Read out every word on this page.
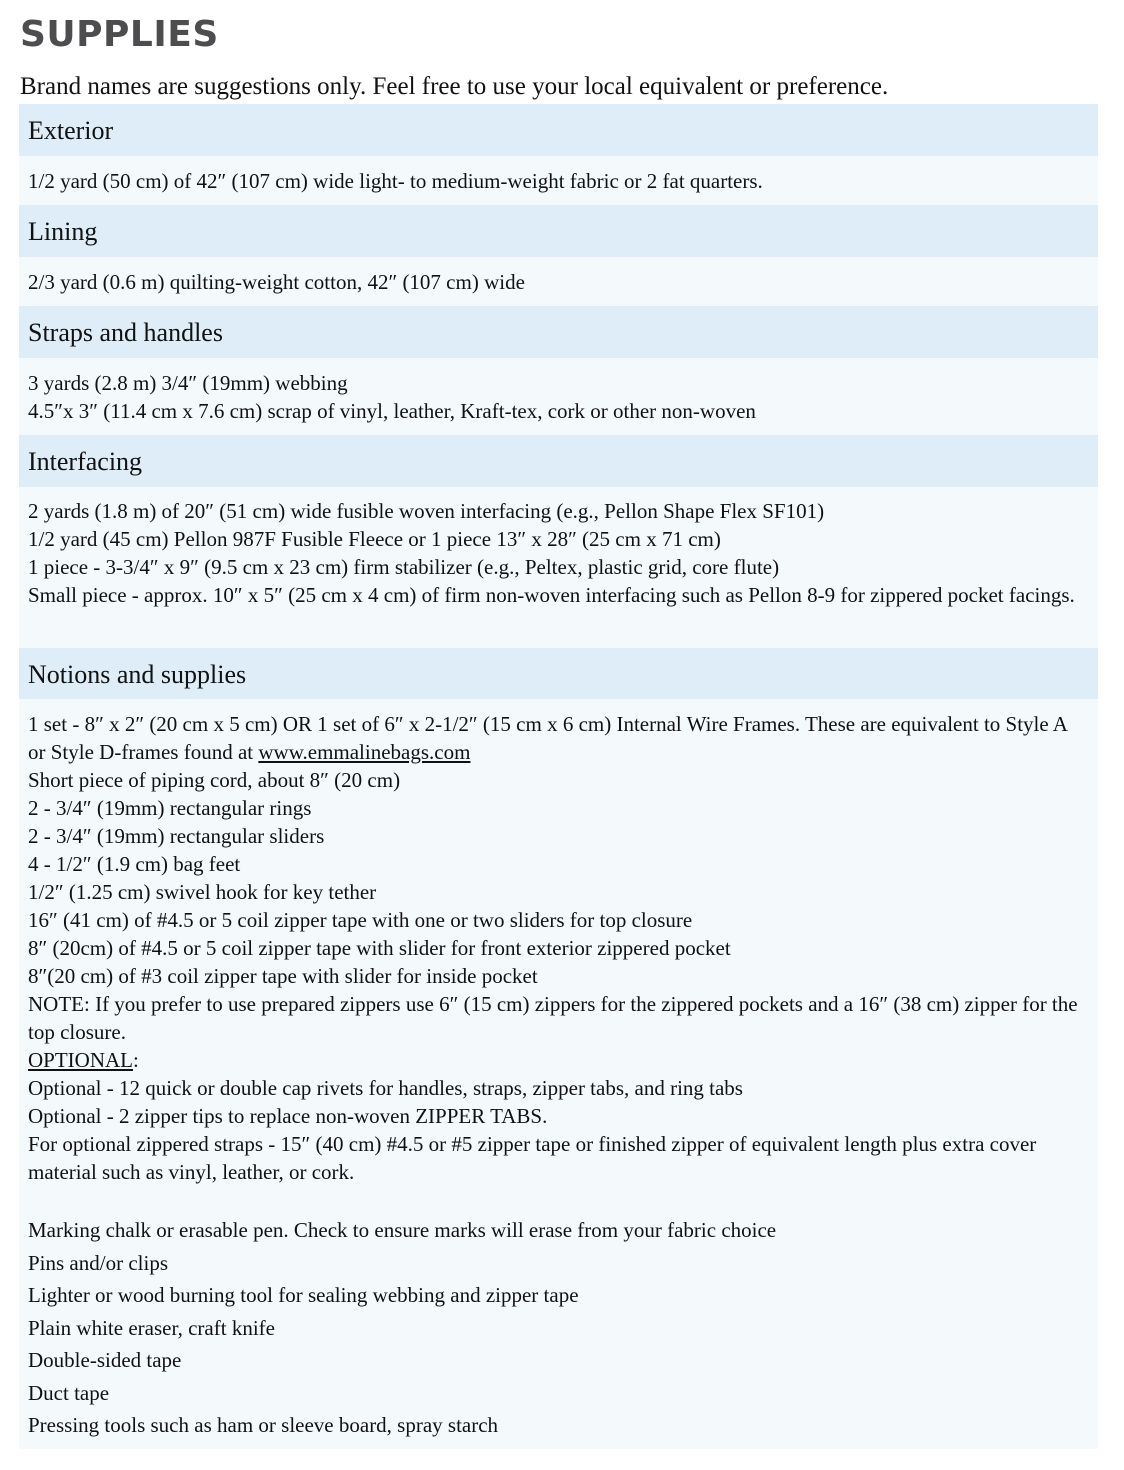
SUPPLIES

Brand names are suggestions only. Feel free to use your local equivalent or preference.

Exterior
1/2 yard (50 cm) of 42″ (107 cm) wide light- to medium-weight fabric or 2 fat quarters.
Lining
2/3 yard (0.6 m) quilting-weight cotton, 42″ (107 cm) wide
Straps and handles
3 yards (2.8 m) 3/4″ (19mm) webbing
4.5″x 3″ (11.4 cm x 7.6 cm) scrap of vinyl, leather, Kraft-tex, cork or other non-woven
Interfacing
2 yards (1.8 m) of 20″ (51 cm) wide fusible woven interfacing (e.g., Pellon Shape Flex SF101)
1/2 yard (45 cm) Pellon 987F Fusible Fleece or 1 piece 13″ x 28″ (25 cm x 71 cm)
1 piece - 3-3/4″ x 9″ (9.5 cm x 23 cm) firm stabilizer (e.g., Peltex, plastic grid, core flute)
Small piece - approx. 10″ x 5″ (25 cm x 4 cm) of firm non-woven interfacing such as Pellon 8-9 for zippered pocket facings.
Notions and supplies
1 set - 8″ x 2″ (20 cm x 5 cm) OR 1 set of 6″ x 2-1/2″ (15 cm x 6 cm) Internal Wire Frames. These are equivalent to Style A or Style D-frames found at www.emmalinebags.com
Short piece of piping cord, about 8″ (20 cm)
2 - 3/4″ (19mm) rectangular rings
2 - 3/4″ (19mm) rectangular sliders
4 - 1/2″ (1.9 cm) bag feet
1/2″ (1.25 cm) swivel hook for key tether
16″ (41 cm) of #4.5 or 5 coil zipper tape with one or two sliders for top closure
8″ (20cm) of #4.5 or 5 coil zipper tape with slider for front exterior zippered pocket
8″(20 cm) of #3 coil zipper tape with slider for inside pocket
NOTE: If you prefer to use prepared zippers use 6″ (15 cm) zippers for the zippered pockets and a 16″ (38 cm) zipper for the top closure.
OPTIONAL:
Optional - 12 quick or double cap rivets for handles, straps, zipper tabs, and ring tabs
Optional - 2 zipper tips to replace non-woven ZIPPER TABS.
For optional zippered straps - 15″ (40 cm) #4.5 or #5 zipper tape or finished zipper of equivalent length plus extra cover material such as vinyl, leather, or cork.
Marking chalk or erasable pen. Check to ensure marks will erase from your fabric choice
Pins and/or clips
Lighter or wood burning tool for sealing webbing and zipper tape
Plain white eraser, craft knife
Double-sided tape
Duct tape
Pressing tools such as ham or sleeve board, spray starch
